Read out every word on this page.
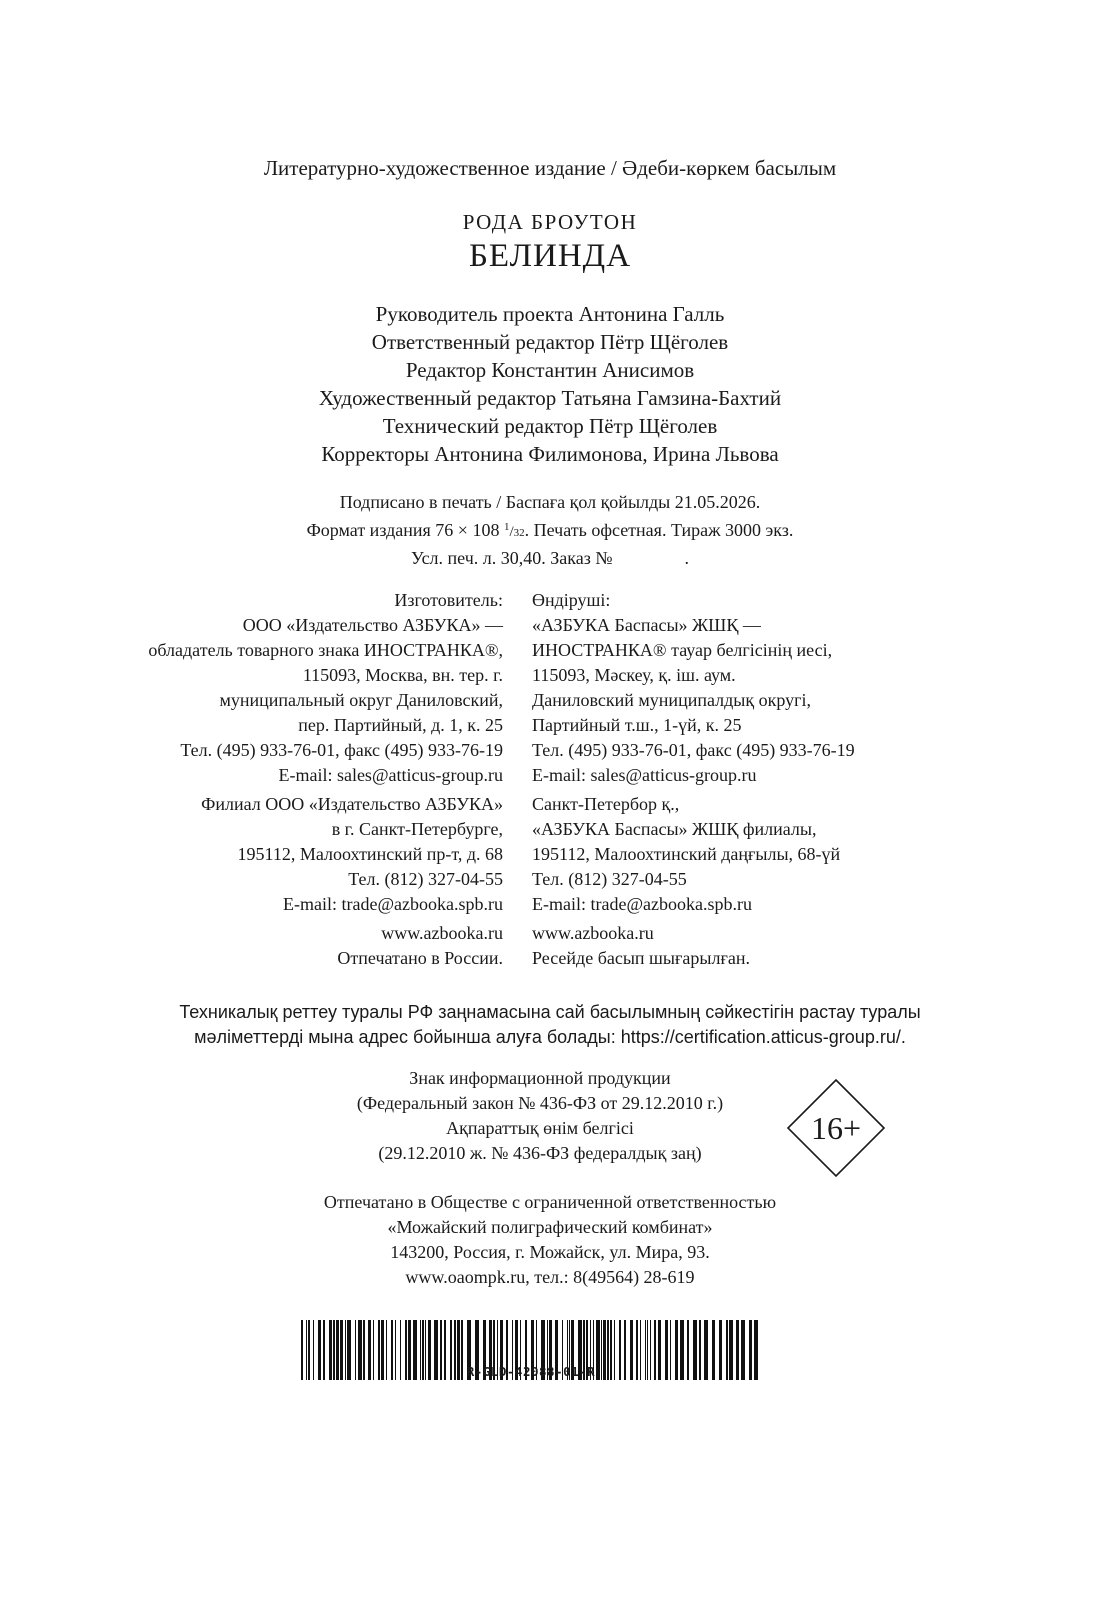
Литературно-художественное издание / Әдеби-көркем басылым
РОДА БРОУТОН
БЕЛИНДА
Руководитель проекта Антонина Галль
Ответственный редактор Пётр Щёголев
Редактор Константин Анисимов
Художественный редактор Татьяна Гамзина-Бахтий
Технический редактор Пётр Щёголев
Корректоры Антонина Филимонова, Ирина Львова
Подписано в печать / Баспаға қол қойылды 21.05.2026.
Формат издания 76 × 108 $^1$/32. Печать офсетная. Тираж 3000 экз.
Усл. печ. л. 30,40. Заказ №                .
Изготовитель:
ООО «Издательство АЗБУКА» —
обладатель товарного знака ИНОСТРАНКА®,
115093, Москва, вн. тер. г.
муниципальный округ Даниловский,
пер. Партийный, д. 1, к. 25
Тел. (495) 933-76-01, факс (495) 933-76-19
E-mail: sales@atticus-group.ru
Өндіруші:
«АЗБУКА Баспасы» ЖШҚ —
ИНОСТРАНКА® тауар белгісінің иесі,
115093, Мәскеу, қ. іш. аум.
Даниловский муниципалдық округі,
Партийный т.ш., 1-үй, к. 25
Тел. (495) 933-76-01, факс (495) 933-76-19
E-mail: sales@atticus-group.ru
Филиал ООО «Издательство АЗБУКА»
в г. Санкт-Петербурге,
195112, Малоохтинский пр-т, д. 68
Тел. (812) 327-04-55
E-mail: trade@azbooka.spb.ru
Санкт-Петербор қ.,
«АЗБУКА Баспасы» ЖШҚ филиалы,
195112, Малоохтинский даңғылы, 68-үй
Тел. (812) 327-04-55
E-mail: trade@azbooka.spb.ru
www.azbooka.ru
Отпечатано в России.
www.azbooka.ru
Ресейде басып шығарылған.
Техникалық реттеу туралы РФ заңнамасына сай басылымның сәйкестігін растау туралы
мәліметтерді мына адрес бойынша алуға болады: https://certification.atticus-group.ru/.
Знак информационной продукции
(Федеральный закон № 436-ФЗ от 29.12.2010 г.)
Ақпараттық өнім белгісі
(29.12.2010 ж. № 436-ФЗ федералдық заң)
16+
Отпечатано в Обществе с ограниченной ответственностью
«Можайский полиграфический комбинат»
143200, Россия, г. Можайск, ул. Мира, 93.
www.oaompk.ru, тел.: 8(49564) 28-619
R-GLD-42088-01-R
